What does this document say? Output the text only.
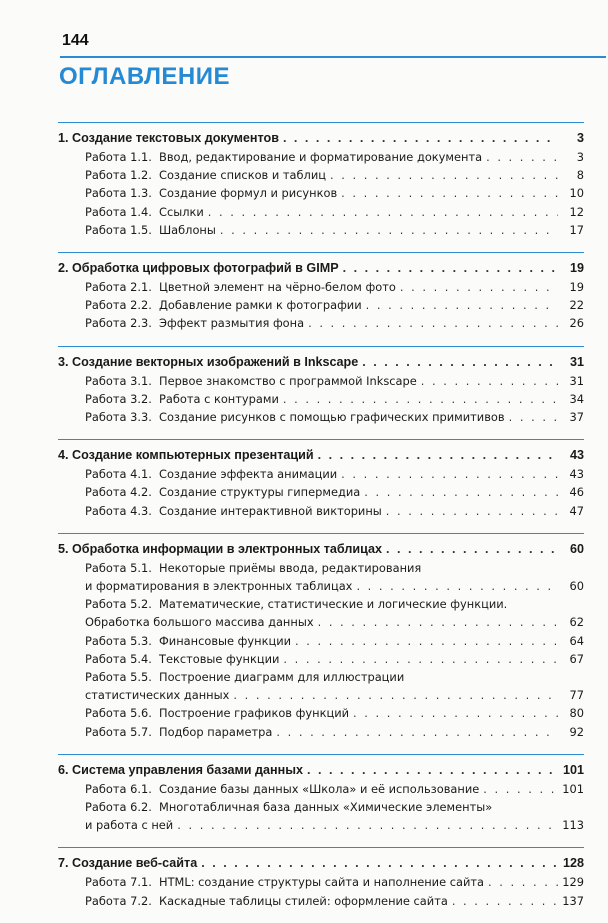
144
ОГЛАВЛЕНИЕ
1. Создание текстовых документов . . .	3
Работа 1.1. Ввод, редактирование и форматирование документа . . .	3
Работа 1.2. Создание списков и таблиц . . .	8
Работа 1.3. Создание формул и рисунков . . .	10
Работа 1.4. Ссылки . . .	12
Работа 1.5. Шаблоны . . .	17
2. Обработка цифровых фотографий в GIMP . . .	19
Работа 2.1. Цветной элемент на чёрно-белом фото . . .	19
Работа 2.2. Добавление рамки к фотографии . . .	22
Работа 2.3. Эффект размытия фона . . .	26
3. Создание векторных изображений в Inkscape . . .	31
Работа 3.1. Первое знакомство с программой Inkscape . . .	31
Работа 3.2. Работа с контурами . . .	34
Работа 3.3. Создание рисунков с помощью графических примитивов . . .	37
4. Создание компьютерных презентаций . . .	43
Работа 4.1. Создание эффекта анимации . . .	43
Работа 4.2. Создание структуры гипермедиа . . .	46
Работа 4.3. Создание интерактивной викторины . . .	47
5. Обработка информации в электронных таблицах . . .	60
Работа 5.1. Некоторые приёмы ввода, редактирования
и форматирования в электронных таблицах . . .	60
Работа 5.2. Математические, статистические и логические функции.
Обработка большого массива данных . . .	62
Работа 5.3. Финансовые функции . . .	64
Работа 5.4. Текстовые функции . . .	67
Работа 5.5. Построение диаграмм для иллюстрации
статистических данных . . .	77
Работа 5.6. Построение графиков функций . . .	80
Работа 5.7. Подбор параметра . . .	92
6. Система управления базами данных . . .	101
Работа 6.1. Создание базы данных «Школа» и её использование . . .	101
Работа 6.2. Многотабличная база данных «Химические элементы»
и работа с ней . . .	113
7. Создание веб-сайта . . .	128
Работа 7.1. HTML: создание структуры сайта и наполнение сайта . . .	129
Работа 7.2. Каскадные таблицы стилей: оформление сайта . . .	137
